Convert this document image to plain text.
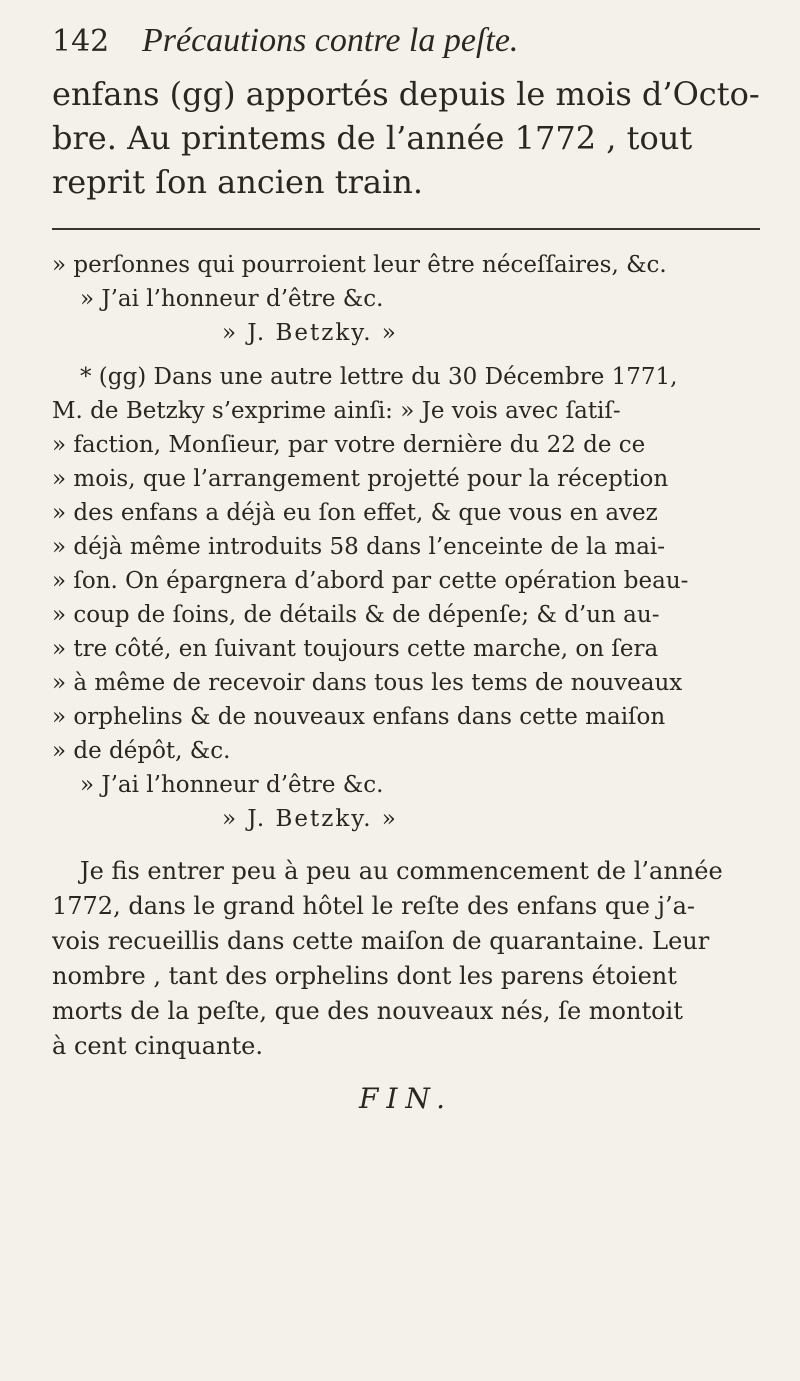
142 Précautions contre la peſte.
enfans (gg) apportés depuis le mois d’Octo-
bre. Au printems de l’année 1772 , tout
reprit ſon ancien train.
» perſonnes qui pourroient leur être néceſſaires, &c.
» J’ai l’honneur d’être &c.
» J. Betzky. »
* (gg) Dans une autre lettre du 30 Décembre 1771,
M. de Betzky s’exprime ainſi: » Je vois avec ſatiſ-
» faction, Monſieur, par votre dernière du 22 de ce
» mois, que l’arrangement projetté pour la réception
» des enfans a déjà eu ſon effet, & que vous en avez
» déjà même introduits 58 dans l’enceinte de la mai-
» ſon. On épargnera d’abord par cette opération beau-
» coup de ſoins, de détails & de dépenſe; & d’un au-
» tre côté, en ſuivant toujours cette marche, on ſera
» à même de recevoir dans tous les tems de nouveaux
» orphelins & de nouveaux enfans dans cette maiſon
» de dépôt, &c.
» J’ai l’honneur d’être &c.
» J. Betzky. »
Je fis entrer peu à peu au commencement de l’année
1772, dans le grand hôtel le reſte des enfans que j’a-
vois recueillis dans cette maiſon de quarantaine. Leur
nombre , tant des orphelins dont les parens étoient
morts de la peſte, que des nouveaux nés, ſe montoit
à cent cinquante.
FIN.
